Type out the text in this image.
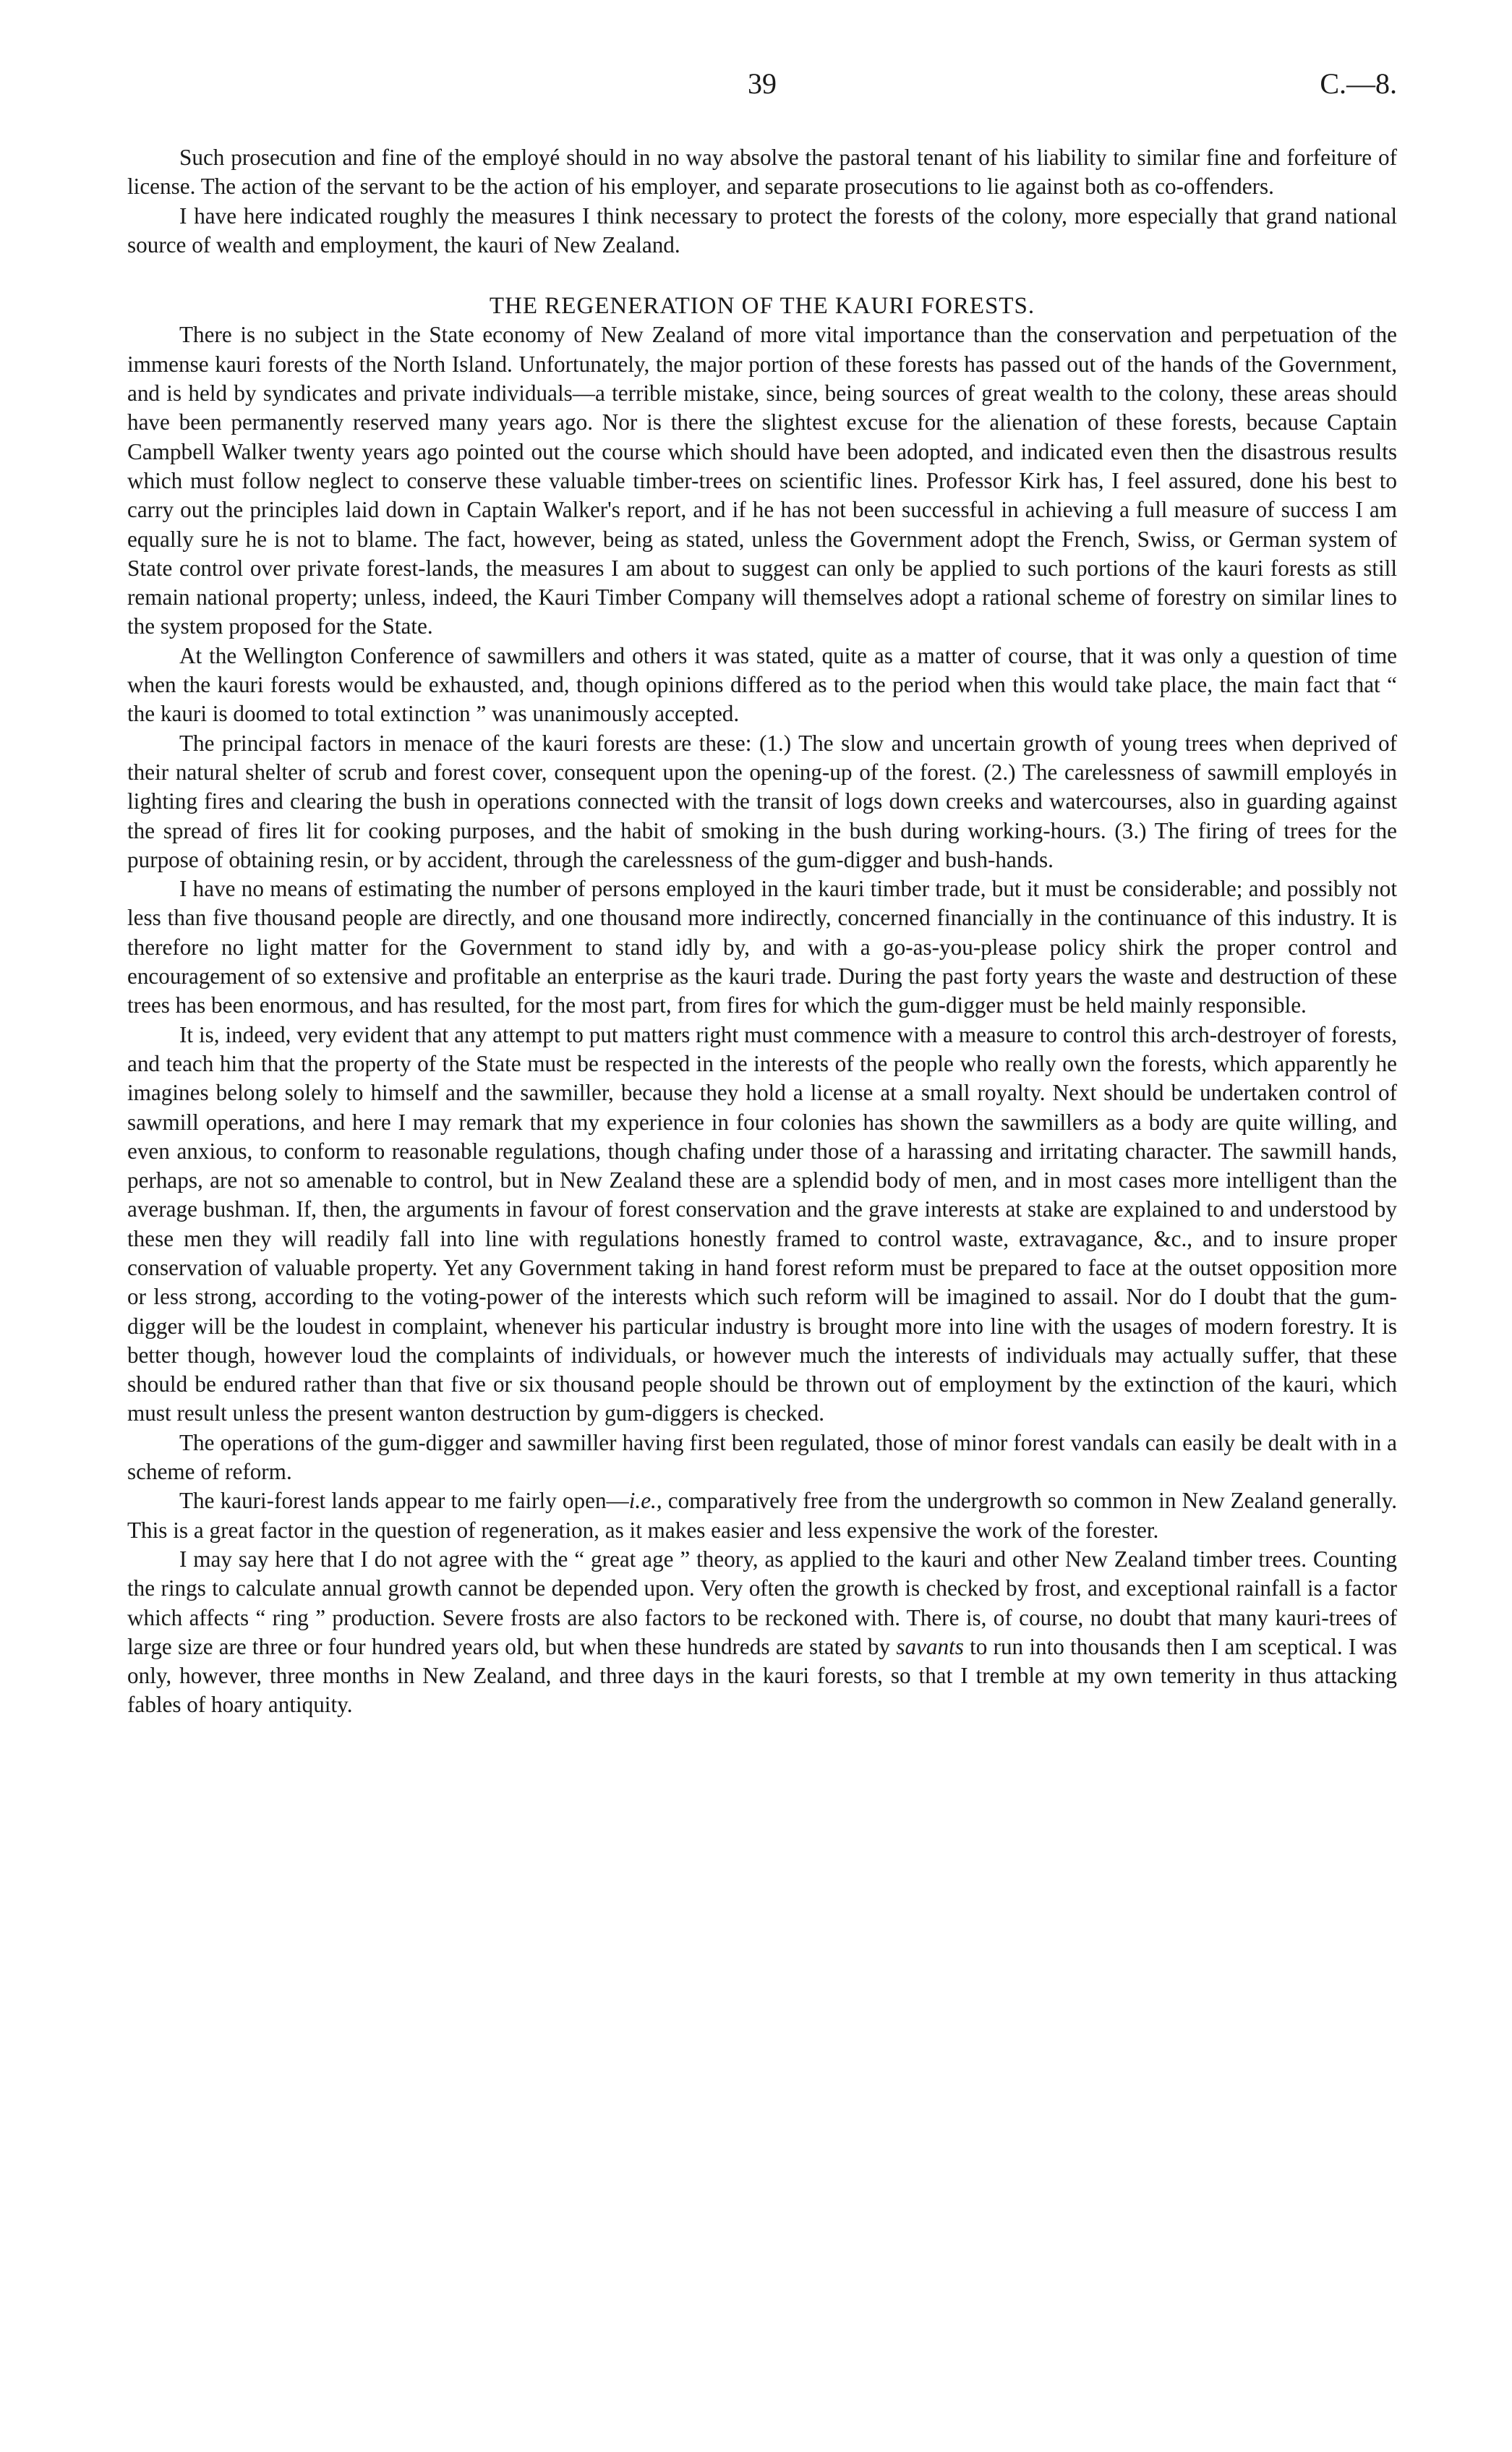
39	C.—8.

Such prosecution and fine of the employé should in no way absolve the pastoral tenant of his liability to similar fine and forfeiture of license. The action of the servant to be the action of his employer, and separate prosecutions to lie against both as co-offenders.

I have here indicated roughly the measures I think necessary to protect the forests of the colony, more especially that grand national source of wealth and employment, the kauri of New Zealand.

THE REGENERATION OF THE KAURI FORESTS.

There is no subject in the State economy of New Zealand of more vital importance than the conservation and perpetuation of the immense kauri forests of the North Island. Unfortunately, the major portion of these forests has passed out of the hands of the Government, and is held by syndicates and private individuals—a terrible mistake, since, being sources of great wealth to the colony, these areas should have been permanently reserved many years ago. Nor is there the slightest excuse for the alienation of these forests, because Captain Campbell Walker twenty years ago pointed out the course which should have been adopted, and indicated even then the disastrous results which must follow neglect to conserve these valuable timber-trees on scientific lines. Professor Kirk has, I feel assured, done his best to carry out the principles laid down in Captain Walker's report, and if he has not been successful in achieving a full measure of success I am equally sure he is not to blame. The fact, however, being as stated, unless the Government adopt the French, Swiss, or German system of State control over private forest-lands, the measures I am about to suggest can only be applied to such portions of the kauri forests as still remain national property; unless, indeed, the Kauri Timber Company will themselves adopt a rational scheme of forestry on similar lines to the system proposed for the State.

At the Wellington Conference of sawmillers and others it was stated, quite as a matter of course, that it was only a question of time when the kauri forests would be exhausted, and, though opinions differed as to the period when this would take place, the main fact that “ the kauri is doomed to total extinction ” was unanimously accepted.

The principal factors in menace of the kauri forests are these: (1.) The slow and uncertain growth of young trees when deprived of their natural shelter of scrub and forest cover, consequent upon the opening-up of the forest. (2.) The carelessness of sawmill employés in lighting fires and clearing the bush in operations connected with the transit of logs down creeks and watercourses, also in guarding against the spread of fires lit for cooking purposes, and the habit of smoking in the bush during working-hours. (3.) The firing of trees for the purpose of obtaining resin, or by accident, through the carelessness of the gum-digger and bush-hands.

I have no means of estimating the number of persons employed in the kauri timber trade, but it must be considerable; and possibly not less than five thousand people are directly, and one thousand more indirectly, concerned financially in the continuance of this industry. It is therefore no light matter for the Government to stand idly by, and with a go-as-you-please policy shirk the proper control and encouragement of so extensive and profitable an enterprise as the kauri trade. During the past forty years the waste and destruction of these trees has been enormous, and has resulted, for the most part, from fires for which the gum-digger must be held mainly responsible.

It is, indeed, very evident that any attempt to put matters right must commence with a measure to control this arch-destroyer of forests, and teach him that the property of the State must be respected in the interests of the people who really own the forests, which apparently he imagines belong solely to himself and the sawmiller, because they hold a license at a small royalty. Next should be undertaken control of sawmill operations, and here I may remark that my experience in four colonies has shown the sawmillers as a body are quite willing, and even anxious, to conform to reasonable regulations, though chafing under those of a harassing and irritating character. The sawmill hands, perhaps, are not so amenable to control, but in New Zealand these are a splendid body of men, and in most cases more intelligent than the average bushman. If, then, the arguments in favour of forest conservation and the grave interests at stake are explained to and understood by these men they will readily fall into line with regulations honestly framed to control waste, extravagance, &c., and to insure proper conservation of valuable property. Yet any Government taking in hand forest reform must be prepared to face at the outset opposition more or less strong, according to the voting-power of the interests which such reform will be imagined to assail. Nor do I doubt that the gum-digger will be the loudest in complaint, whenever his particular industry is brought more into line with the usages of modern forestry. It is better though, however loud the complaints of individuals, or however much the interests of individuals may actually suffer, that these should be endured rather than that five or six thousand people should be thrown out of employment by the extinction of the kauri, which must result unless the present wanton destruction by gum-diggers is checked.

The operations of the gum-digger and sawmiller having first been regulated, those of minor forest vandals can easily be dealt with in a scheme of reform.

The kauri-forest lands appear to me fairly open—i.e., comparatively free from the undergrowth so common in New Zealand generally. This is a great factor in the question of regeneration, as it makes easier and less expensive the work of the forester.

I may say here that I do not agree with the “ great age ” theory, as applied to the kauri and other New Zealand timber trees. Counting the rings to calculate annual growth cannot be depended upon. Very often the growth is checked by frost, and exceptional rainfall is a factor which affects “ ring ” production. Severe frosts are also factors to be reckoned with. There is, of course, no doubt that many kauri-trees of large size are three or four hundred years old, but when these hundreds are stated by savants to run into thousands then I am sceptical. I was only, however, three months in New Zealand, and three days in the kauri forests, so that I tremble at my own temerity in thus attacking fables of hoary antiquity.
